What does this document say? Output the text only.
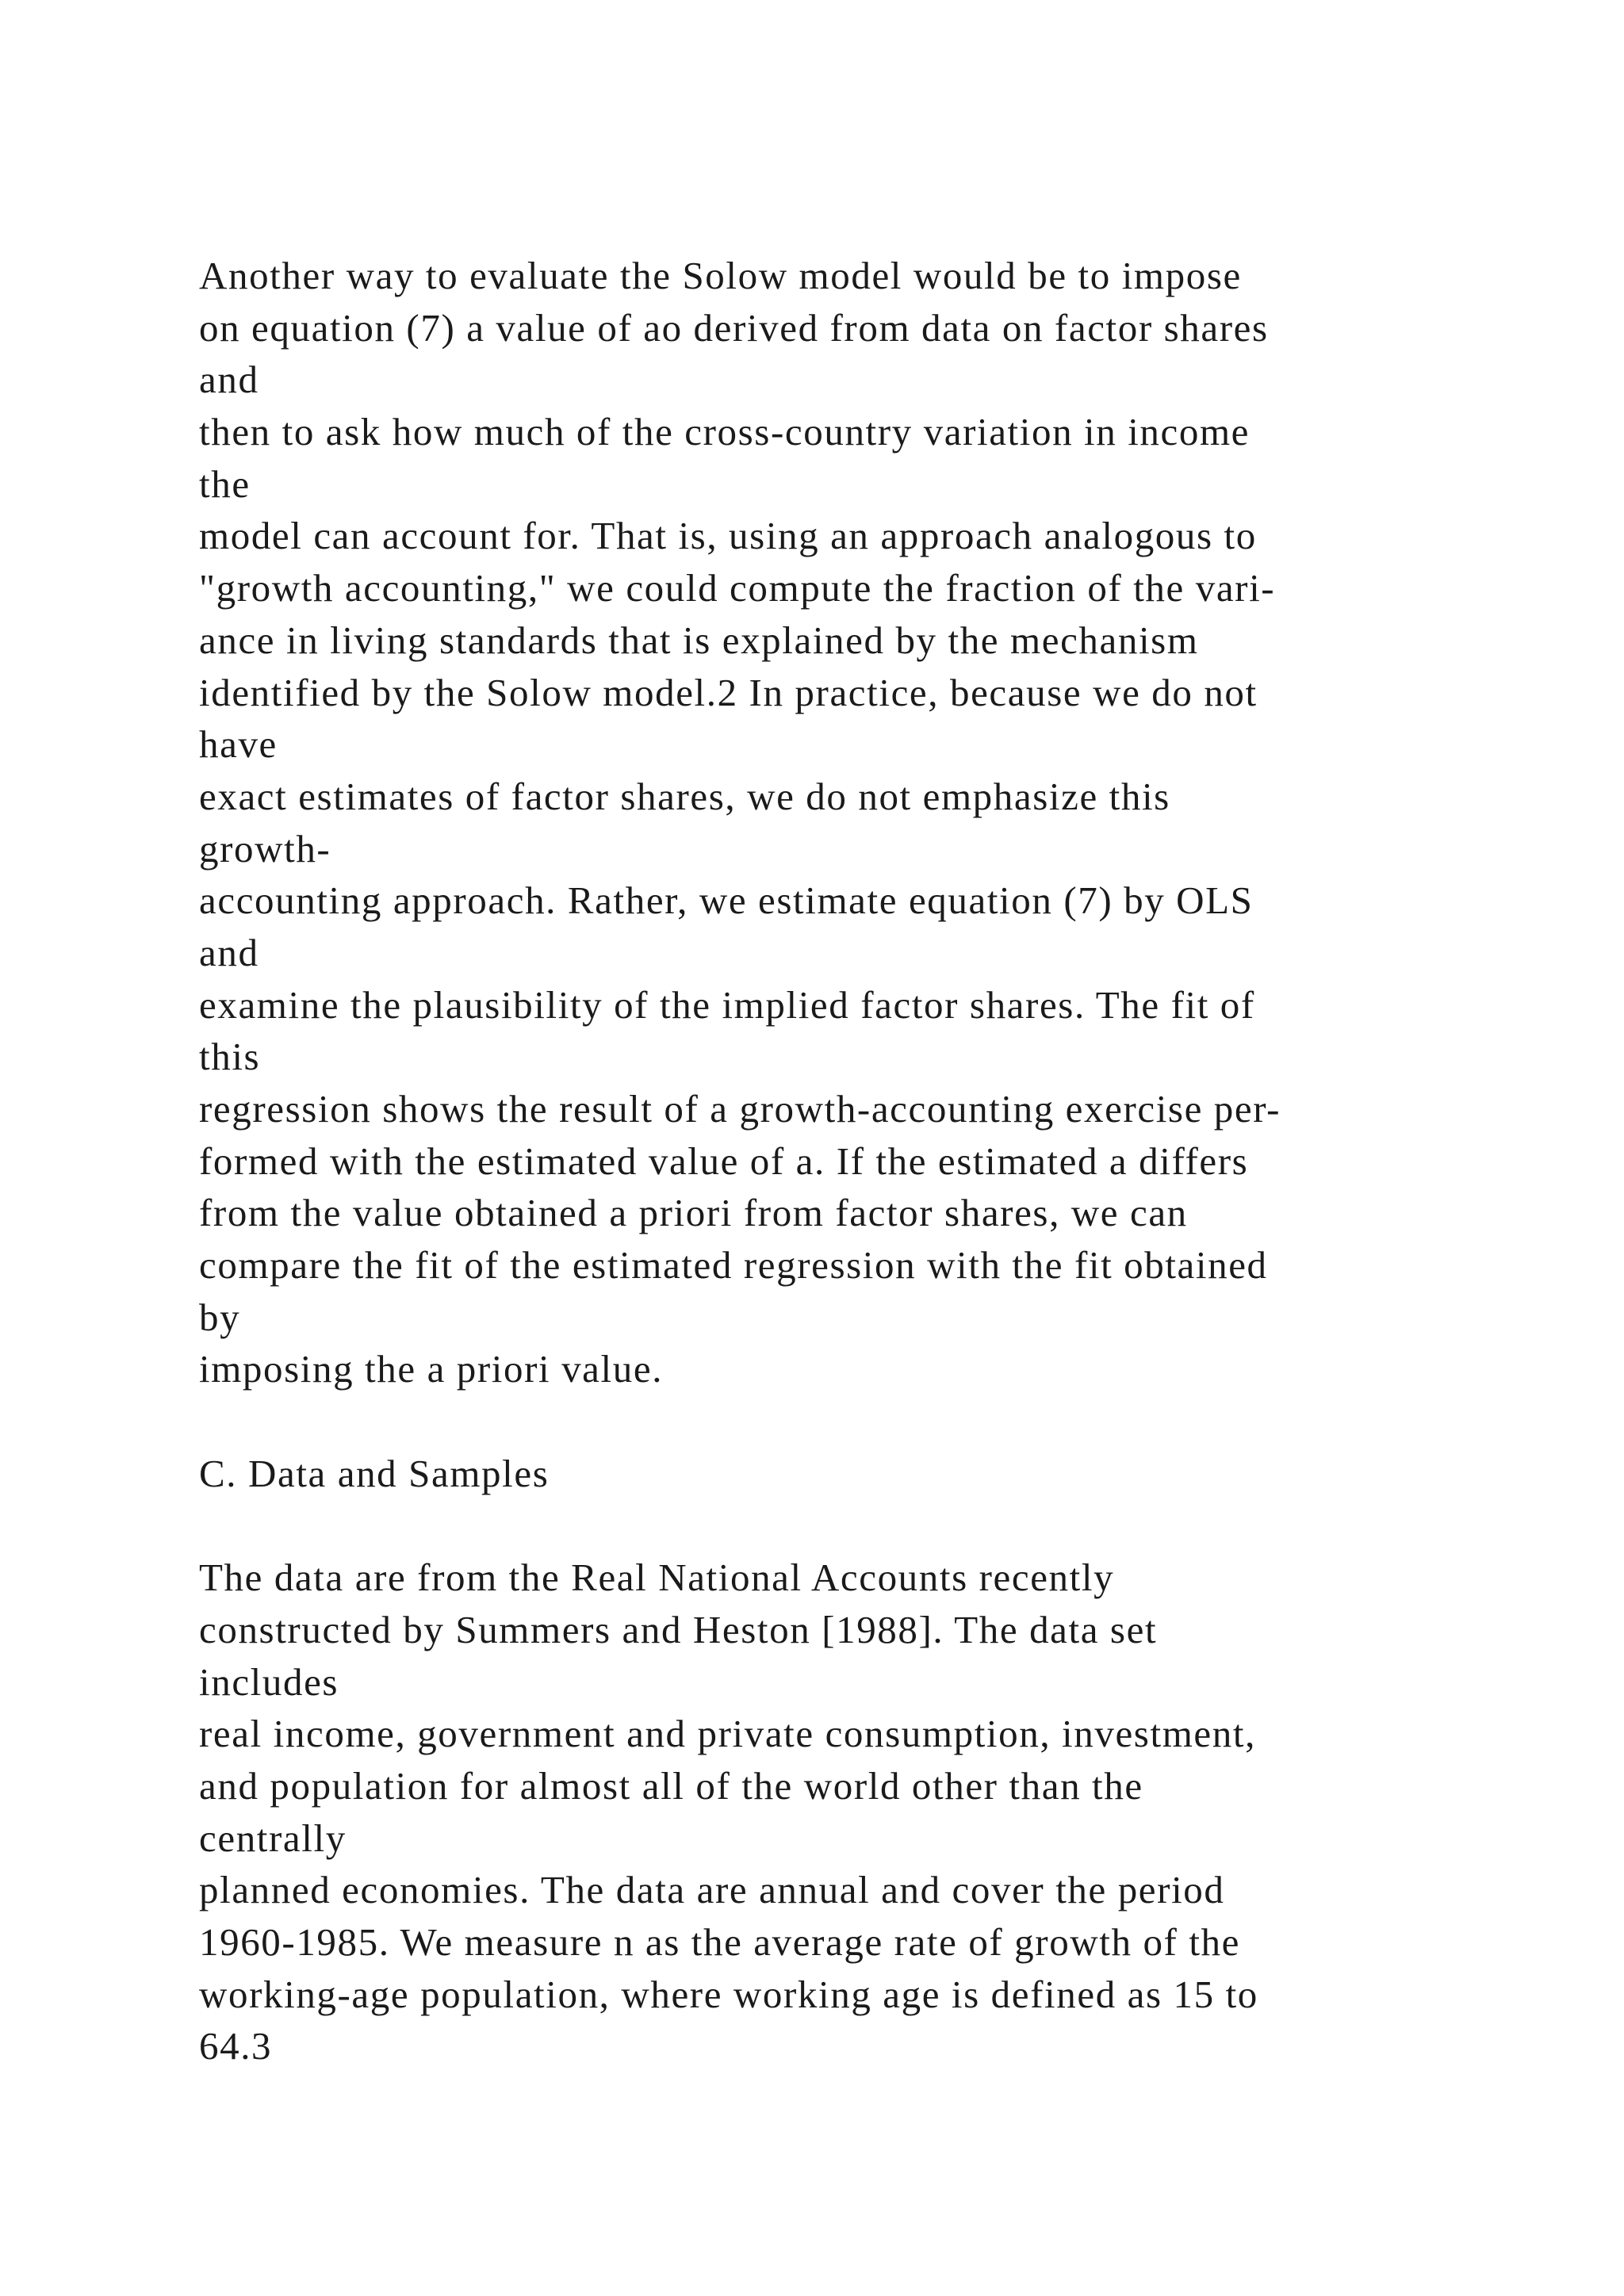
Another way to evaluate the Solow model would be to impose
on equation (7) a value of ao derived from data on factor shares
and
then to ask how much of the cross-country variation in income
the
model can account for. That is, using an approach analogous to
"growth accounting," we could compute the fraction of the vari-
ance in living standards that is explained by the mechanism
identified by the Solow model.2 In practice, because we do not
have
exact estimates of factor shares, we do not emphasize this
growth-
accounting approach. Rather, we estimate equation (7) by OLS
and
examine the plausibility of the implied factor shares. The fit of
this
regression shows the result of a growth-accounting exercise per-
formed with the estimated value of a. If the estimated a differs
from the value obtained a priori from factor shares, we can
compare the fit of the estimated regression with the fit obtained
by
imposing the a priori value.
C. Data and Samples
The data are from the Real National Accounts recently
constructed by Summers and Heston [1988]. The data set
includes
real income, government and private consumption, investment,
and population for almost all of the world other than the
centrally
planned economies. The data are annual and cover the period
1960-1985. We measure n as the average rate of growth of the
working-age population, where working age is defined as 15 to
64.3
